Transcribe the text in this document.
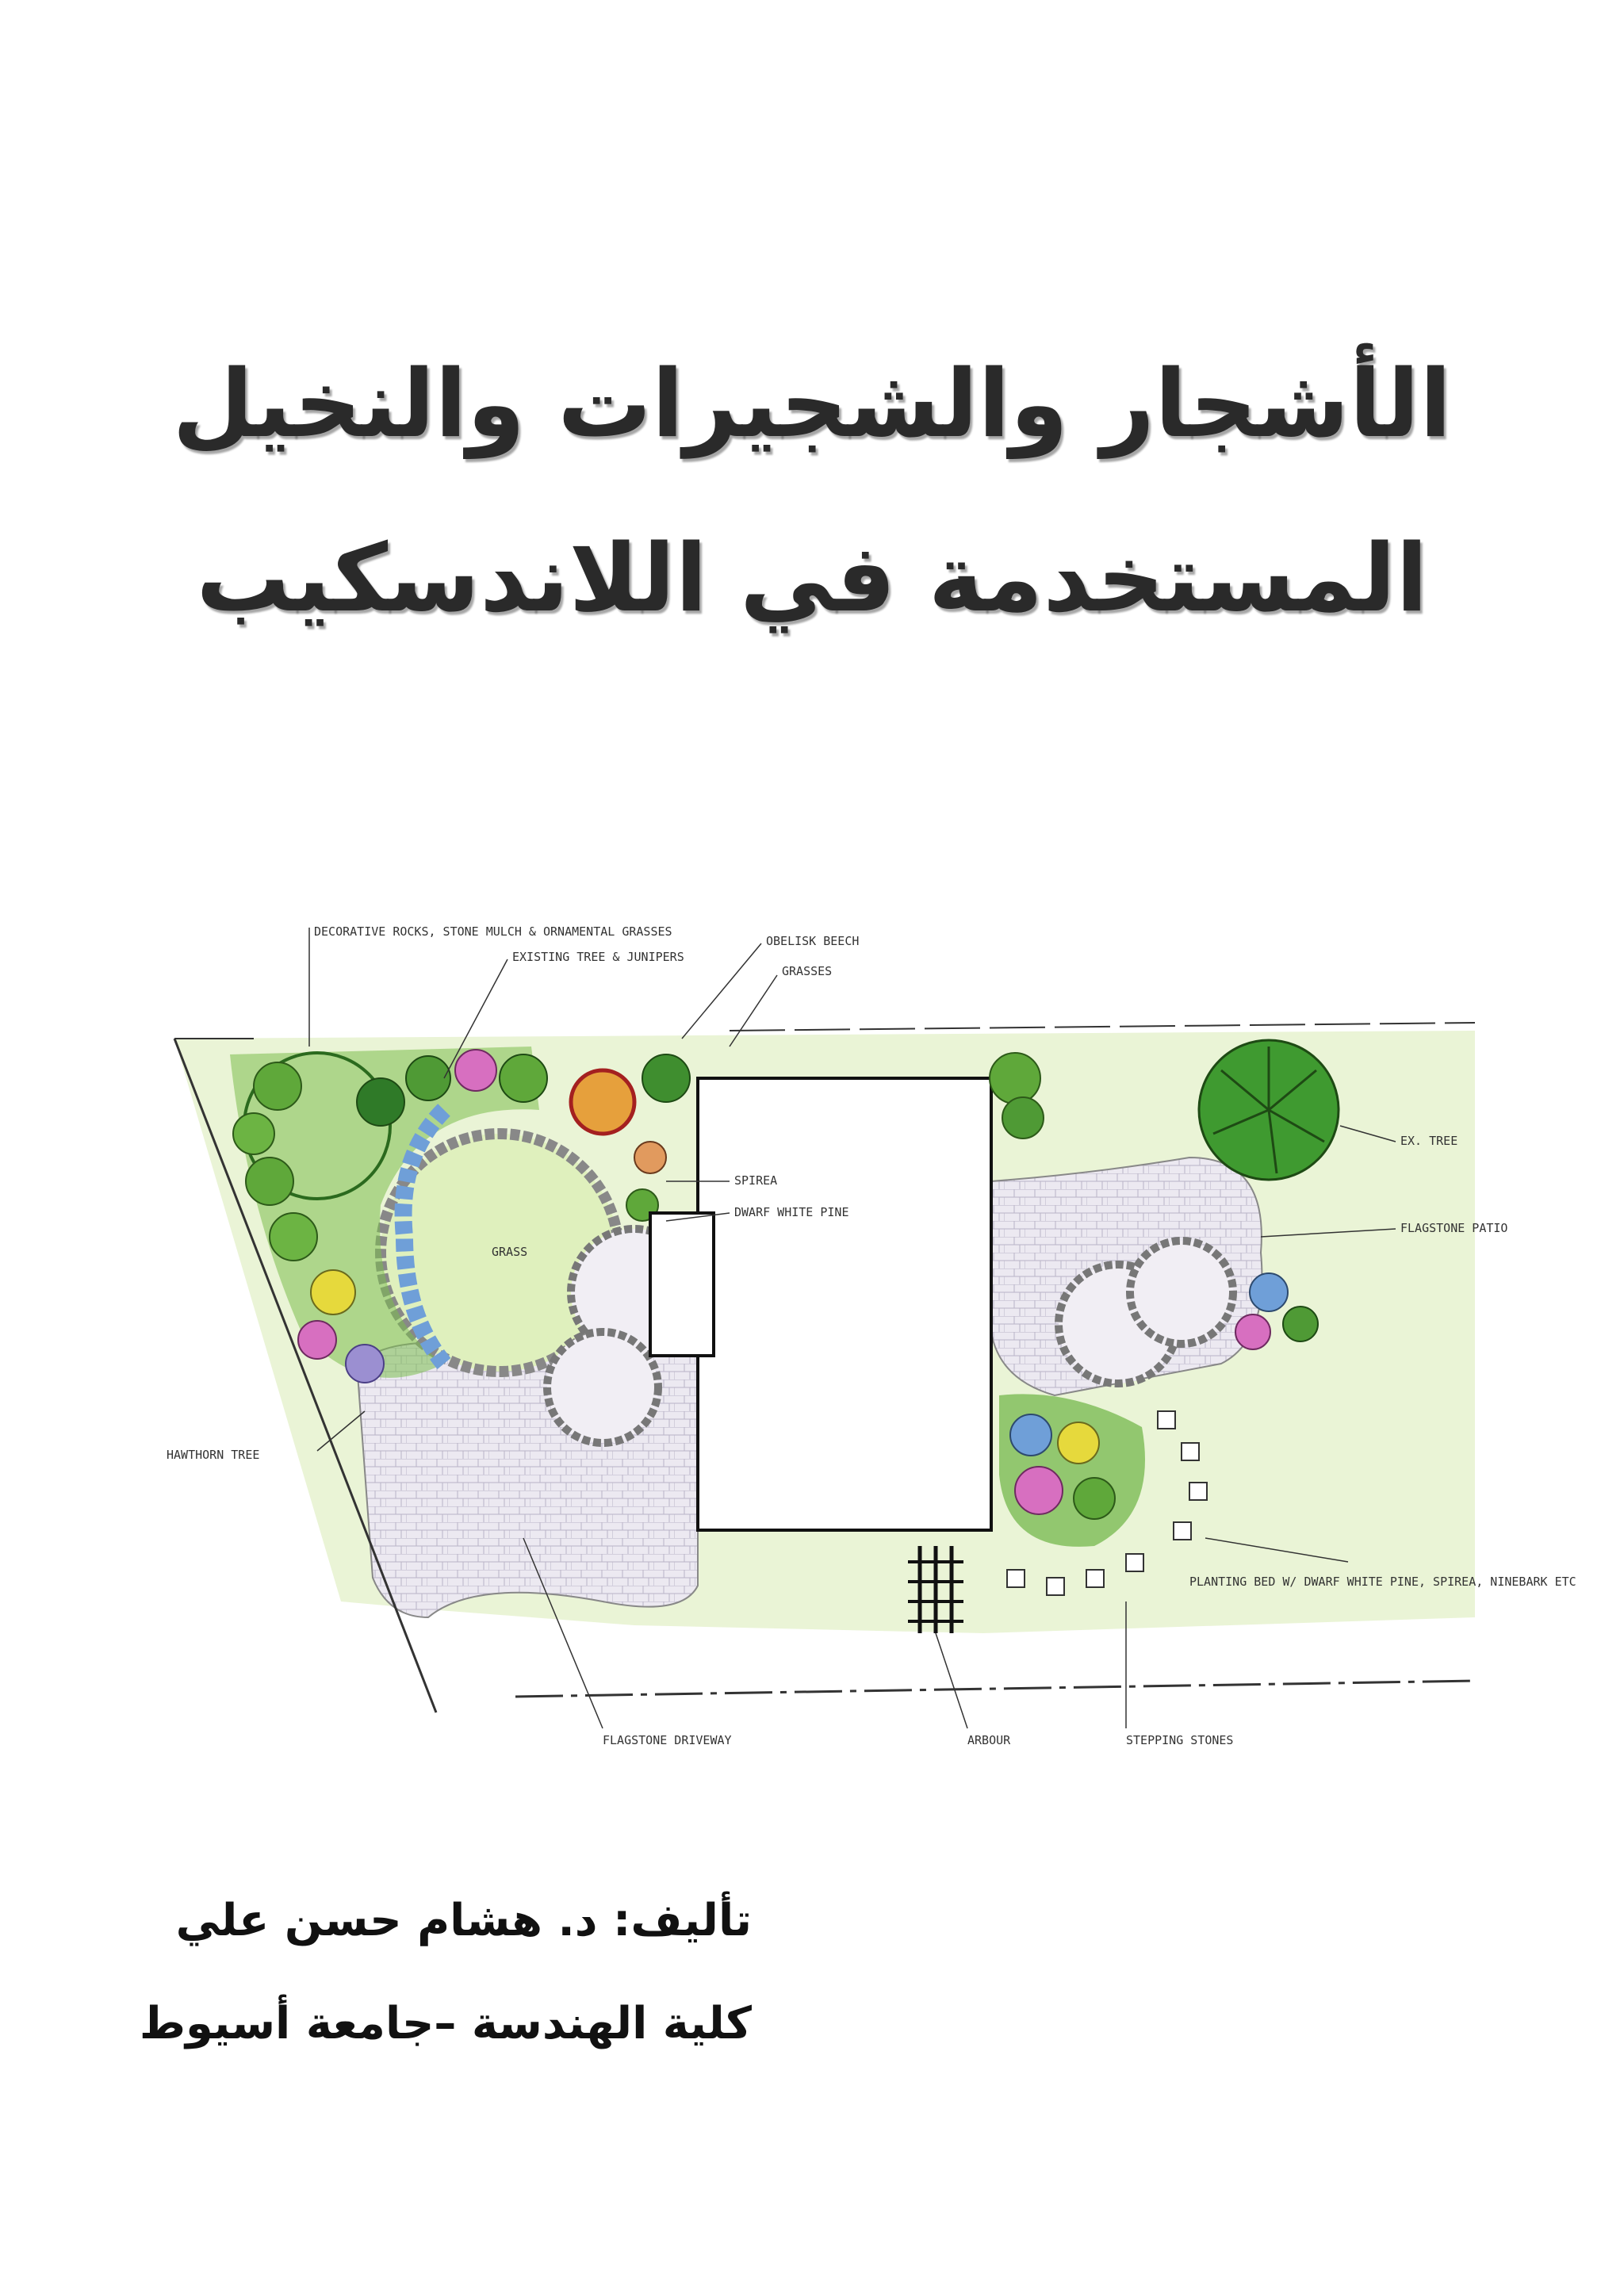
الأشجار والشجيرات والنخيل
المستخدمة في اللاندسكيب
DECORATIVE ROCKS, STONE MULCH & ORNAMENTAL GRASSES
EXISTING TREE & JUNIPERS
OBELISK BEECH
GRASSES
SPIREA
DWARF WHITE PINE
GRASS
EX. TREE
FLAGSTONE PATIO
HAWTHORN TREE
PLANTING BED W/ DWARF WHITE PINE, SPIREA, NINEBARK ETC
FLAGSTONE DRIVEWAY	ARBOUR	STEPPING STONES
تأليف: د. هشام حسن علي
كلية الهندسة –جامعة أسيوط
